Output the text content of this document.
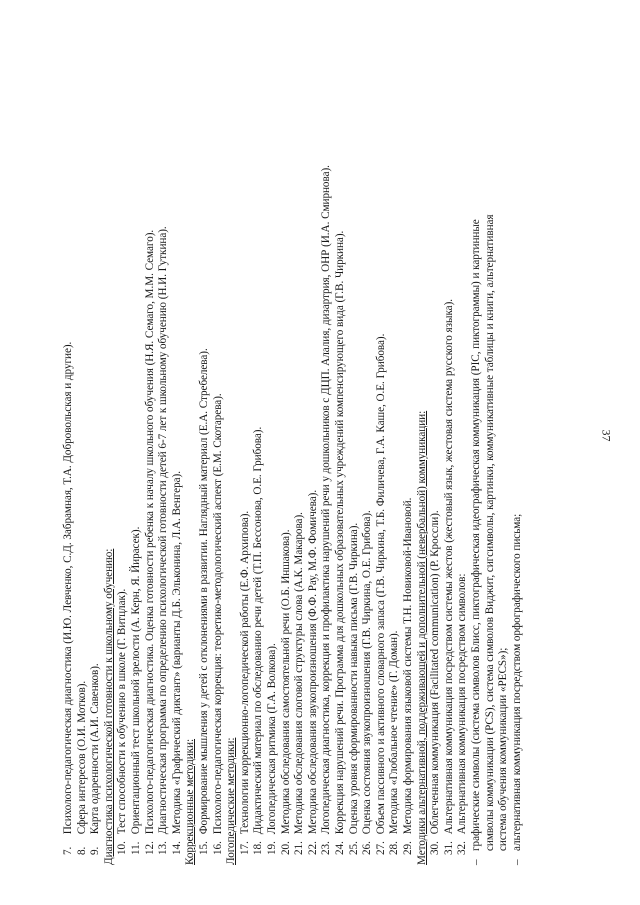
37
7. Психолого-педагогическая диагностика (И.Ю. Левченко, С.Д. Забрамная, Т.А. Добровольская и другие).
8. Сфера интересов (О.И. Мотков).
9. Карта одаренности (А.И. Савенков). Диагностика психологической готовности к школьному обучению: 10. Тест способности к обучению в школе (Г. Витцлак).
11. Ориентационный тест школьной зрелости (А. Керн, Я. Йирасек).
12. Психолого-педагогическая диагностика. Оценка готовности ребенка к началу школьного обучения (Н.Я. Семаго, М.М. Семаго).
13. Диагностическая программа по определению психологической готовности детей 6-7 лет к школьному обучению (Н.И. Гуткина).
14. Методика «Графический диктант» (варианты Д.Б. Эльконина, Л.А. Венгера). Коррекционные методики: 15. Формирование мышления у детей с отклонениями в развитии. Наглядный материал (Е.А. Стребелева).
16. Психолого-педагогическая коррекция: теоретико-методологический аспект (Е.М. Скотарева). Логопедические методики: 17. Технологии коррекционно-логопедической работы (Е.Ф. Архипова).
18. Дидактический материал по обследованию речи детей (Т.П. Бессонова, О.Е. Грибова).
19. Логопедическая ритмика (Г.А. Волкова).
20. Методика обследования самостоятельной речи (О.Б. Иншакова).
21. Методика обследования слоговой структуры слова (А.К. Макарова).
22. Методика обследования звукопроизношения (Ф.Ф. Рау, М.Ф. Фомичева).
23. Логопедическая диагностика, коррекция и профилактика нарушений речи у дошкольников с ДЦП. Алалия, дизартрия, ОНР (И.А. Смирнова).
24. Коррекция нарушений речи. Программа для дошкольных образовательных учреждений компенсирующего вида (Г.В. Чиркина).
25. Оценка уровня сформированности навыка письма (Г.В. Чиркина).
26. Оценка состояния звукопроизношения (Г.В. Чиркина, О.Е. Грибова).
27. Объем пассивного и активного словарного запаса (Г.В. Чиркина, Т.Б. Филичева, Г.А. Каше, О.Е. Грибова).
28. Методика «Глобальное чтение» (Г. Доман).
29. Методика формирования языковой системы Т.Н. Новиковой-Ивановой. Методики альтернативной, поддерживающей и дополнительной (невербальной) коммуникации: 30. Облегченная коммуникация (Facilitated communication) (Р. Кроссли).
31. Альтернативная коммуникация посредством системы жестов (жестовый язык, жестовая система русского языка).
32. Альтернативная коммуникация посредством символов:
–графические символы (система символов Блисс, пиктографическая идеографическая коммуникация (PIC, пиктограммы) и картинные символы коммуникации (PCS), система символов Виджит, сигсимволы, картинки, коммуникативные таблицы и книги, альтернативная система обучения коммуникации «PECS»);
–альтернативная коммуникация посредством орфографического письма;
